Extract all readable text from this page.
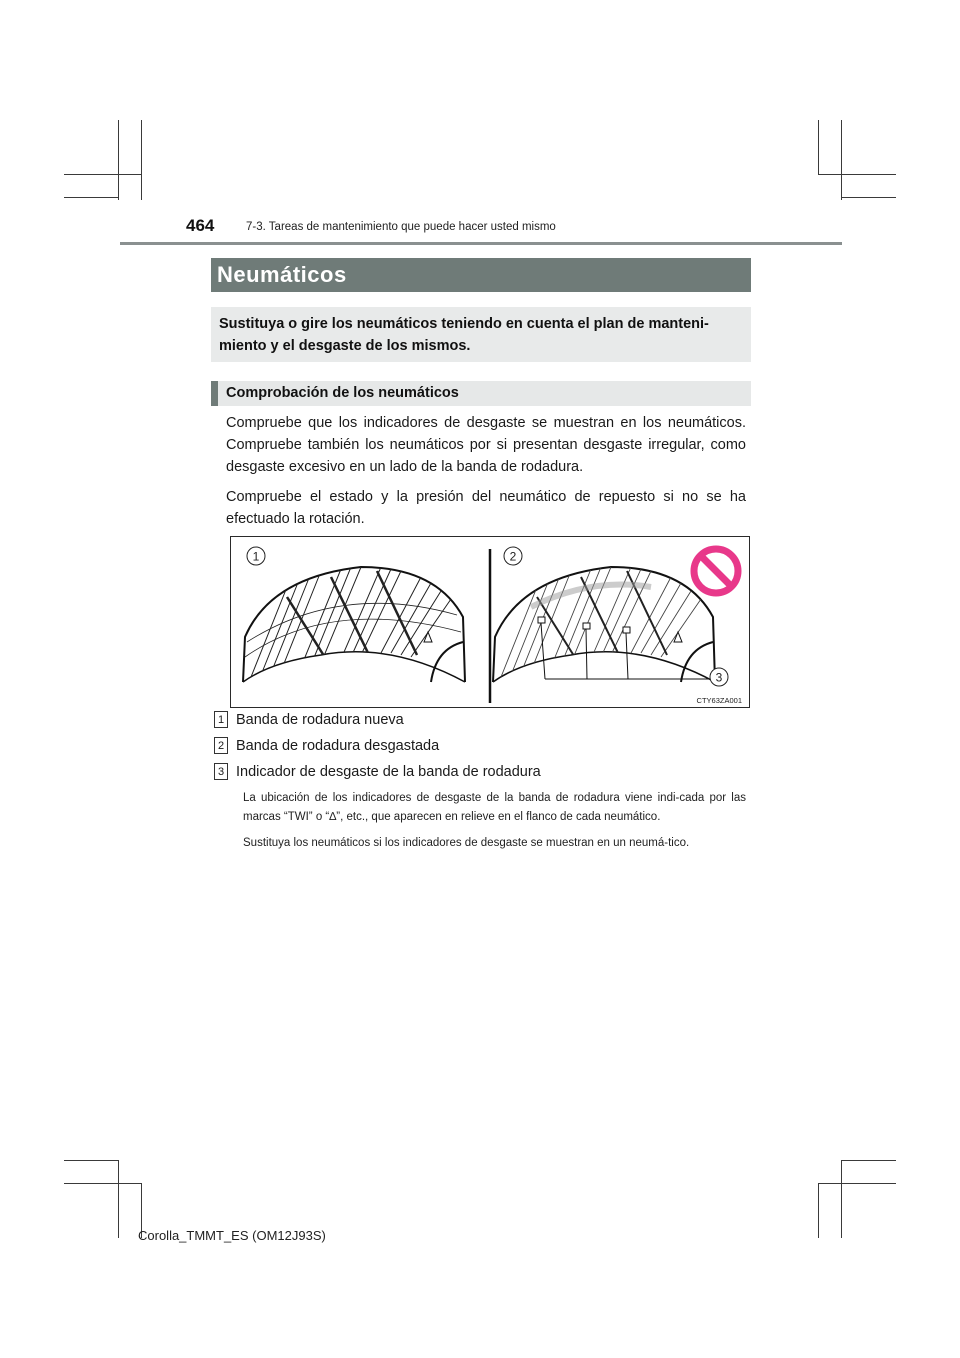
464	7-3. Tareas de mantenimiento que puede hacer usted mismo
Neumáticos
Sustituya o gire los neumáticos teniendo en cuenta el plan de manteni-miento y el desgaste de los mismos.
Comprobación de los neumáticos

Compruebe que los indicadores de desgaste se muestran en los neumáticos. Compruebe también los neumáticos por si presentan desgaste irregular, como desgaste excesivo en un lado de la banda de rodadura.

Compruebe el estado y la presión del neumático de repuesto si no se ha efectuado la rotación.

1	2
3
CTY63ZA001
1 Banda de rodadura nueva
2 Banda de rodadura desgastada
3 Indicador de desgaste de la banda de rodadura

La ubicación de los indicadores de desgaste de la banda de rodadura viene indi-cada por las marcas “TWI” o “∆”, etc., que aparecen en relieve en el flanco de cada neumático.

Sustituya los neumáticos si los indicadores de desgaste se muestran en un neumá-tico.

Corolla_TMMT_ES (OM12J93S)
